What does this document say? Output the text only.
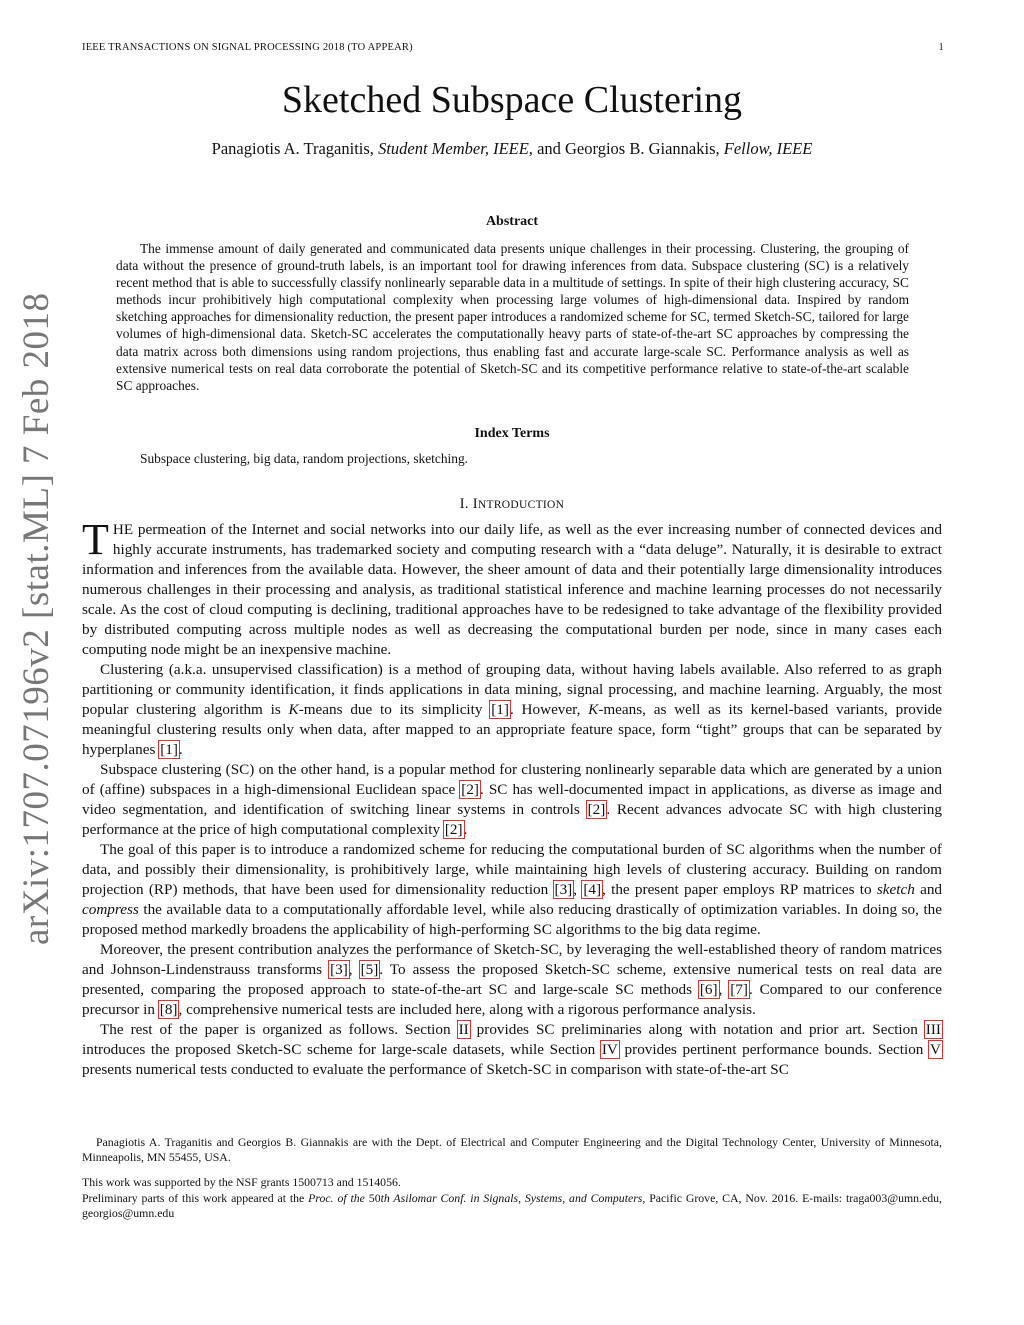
IEEE TRANSACTIONS ON SIGNAL PROCESSING 2018 (TO APPEAR)	1
Sketched Subspace Clustering
Panagiotis A. Traganitis, Student Member, IEEE, and Georgios B. Giannakis, Fellow, IEEE
Abstract

The immense amount of daily generated and communicated data presents unique challenges in their processing. Clustering, the grouping of data without the presence of ground-truth labels, is an important tool for drawing inferences from data. Subspace clustering (SC) is a relatively recent method that is able to successfully classify nonlinearly separable data in a multitude of settings. In spite of their high clustering accuracy, SC methods incur prohibitively high computational complexity when processing large volumes of high-dimensional data. Inspired by random sketching approaches for dimensionality reduction, the present paper introduces a randomized scheme for SC, termed Sketch-SC, tailored for large volumes of high-dimensional data. Sketch-SC accelerates the computationally heavy parts of state-of-the-art SC approaches by compressing the data matrix across both dimensions using random projections, thus enabling fast and accurate large-scale SC. Performance analysis as well as extensive numerical tests on real data corroborate the potential of Sketch-SC and its competitive performance relative to state-of-the-art scalable SC approaches.

Index Terms
Subspace clustering, big data, random projections, sketching.
I. INTRODUCTION

THE permeation of the Internet and social networks into our daily life, as well as the ever increasing number of connected devices and highly accurate instruments, has trademarked society and computing research with a “data deluge”. Naturally, it is desirable to extract information and inferences from the available data. However, the sheer amount of data and their potentially large dimensionality introduces numerous challenges in their processing and analysis, as traditional statistical inference and machine learning processes do not necessarily scale. As the cost of cloud computing is declining, traditional approaches have to be redesigned to take advantage of the flexibility provided by distributed computing across multiple nodes as well as decreasing the computational burden per node, since in many cases each computing node might be an inexpensive machine.

Clustering (a.k.a. unsupervised classification) is a method of grouping data, without having labels available. Also referred to as graph partitioning or community identification, it finds applications in data mining, signal processing, and machine learning. Arguably, the most popular clustering algorithm is K-means due to its simplicity [1]. However, K-means, as well as its kernel-based variants, provide meaningful clustering results only when data, after mapped to an appropriate feature space, form “tight” groups that can be separated by hyperplanes [1].

Subspace clustering (SC) on the other hand, is a popular method for clustering nonlinearly separable data which are generated by a union of (affine) subspaces in a high-dimensional Euclidean space [2]. SC has well-documented impact in applications, as diverse as image and video segmentation, and identification of switching linear systems in controls [2]. Recent advances advocate SC with high clustering performance at the price of high computational complexity [2].

The goal of this paper is to introduce a randomized scheme for reducing the computational burden of SC algorithms when the number of data, and possibly their dimensionality, is prohibitively large, while maintaining high levels of clustering accuracy. Building on random projection (RP) methods, that have been used for dimensionality reduction [3], [4], the present paper employs RP matrices to sketch and compress the available data to a computationally affordable level, while also reducing drastically of optimization variables. In doing so, the proposed method markedly broadens the applicability of high-performing SC algorithms to the big data regime.

Moreover, the present contribution analyzes the performance of Sketch-SC, by leveraging the well-established theory of random matrices and Johnson-Lindenstrauss transforms [3], [5]. To assess the proposed Sketch-SC scheme, extensive numerical tests on real data are presented, comparing the proposed approach to state-of-the-art SC and large-scale SC methods [6], [7]. Compared to our conference precursor in [8], comprehensive numerical tests are included here, along with a rigorous performance analysis.

The rest of the paper is organized as follows. Section II provides SC preliminaries along with notation and prior art. Section III introduces the proposed Sketch-SC scheme for large-scale datasets, while Section IV provides pertinent performance bounds. Section V presents numerical tests conducted to evaluate the performance of Sketch-SC in comparison with state-of-the-art SC

Panagiotis A. Traganitis and Georgios B. Giannakis are with the Dept. of Electrical and Computer Engineering and the Digital Technology Center, University of Minnesota, Minneapolis, MN 55455, USA.

This work was supported by the NSF grants 1500713 and 1514056.

Preliminary parts of this work appeared at the Proc. of the 50th Asilomar Conf. in Signals, Systems, and Computers, Pacific Grove, CA, Nov. 2016. E-mails: traga003@umn.edu, georgios@umn.edu

arXiv:1707.07196v2 [stat.ML] 7 Feb 2018
